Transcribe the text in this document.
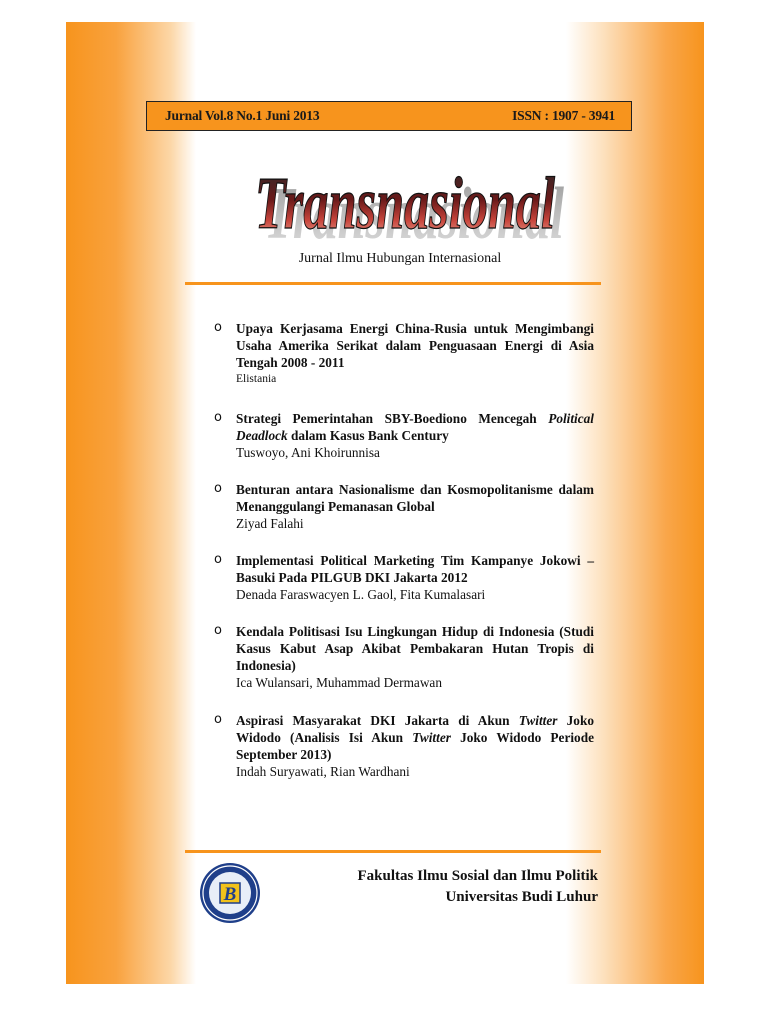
Jurnal Vol.8 No.1 Juni 2013	ISSN : 1907 - 3941
Transnasional
Transnasional
Jurnal Ilmu Hubungan Internasional
o Upaya Kerjasama Energi China-Rusia untuk Mengimbangi Usaha Amerika Serikat dalam Penguasaan Energi di Asia Tengah 2008 - 2011
Elistania
o Strategi Pemerintahan SBY-Boediono Mencegah Political Deadlock dalam Kasus Bank Century
Tuswoyo, Ani Khoirunnisa
o Benturan antara Nasionalisme dan Kosmopolitanisme dalam Menanggulangi Pemanasan Global
Ziyad Falahi
o Implementasi Political Marketing Tim Kampanye Jokowi – Basuki Pada PILGUB DKI Jakarta 2012
Denada Faraswacyen L. Gaol, Fita Kumalasari
o Kendala Politisasi Isu Lingkungan Hidup di Indonesia (Studi Kasus Kabut Asap Akibat Pembakaran Hutan Tropis di Indonesia)
Ica Wulansari, Muhammad Dermawan
o Aspirasi Masyarakat DKI Jakarta di Akun Twitter Joko Widodo (Analisis Isi Akun Twitter Joko Widodo Periode September 2013)
Indah Suryawati, Rian Wardhani
B
Fakultas Ilmu Sosial dan Ilmu Politik
Universitas Budi Luhur
